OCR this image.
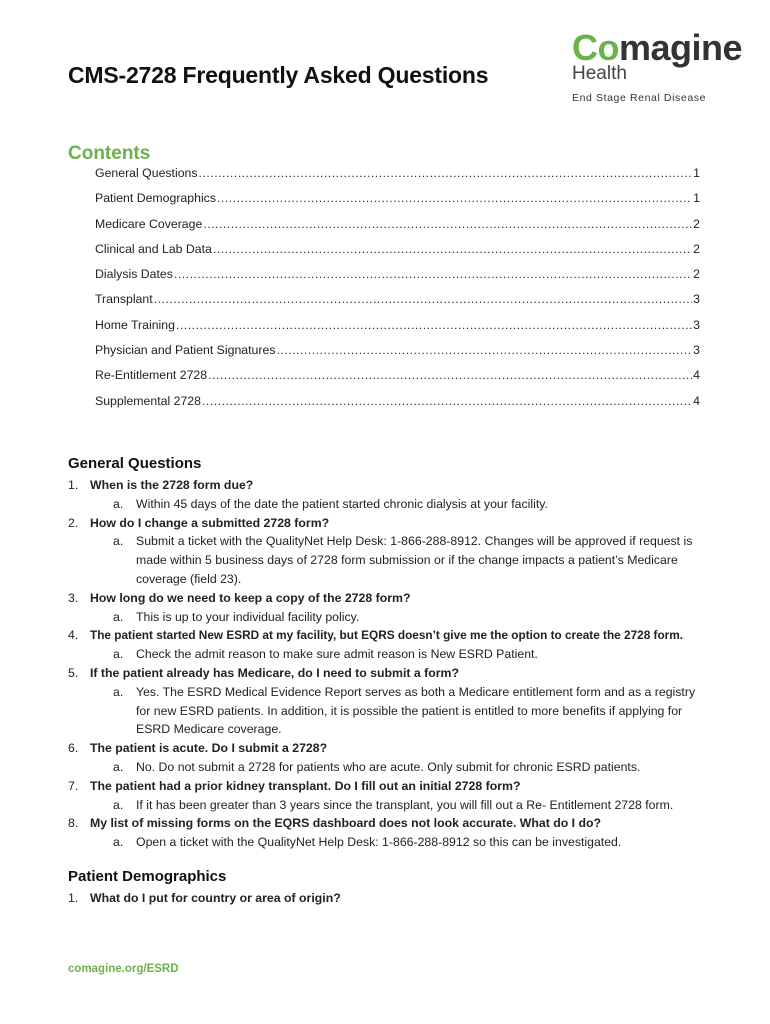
CMS-2728 Frequently Asked Questions
Comagine
Health
End Stage Renal Disease
Contents
General Questions .....	1
Patient Demographics .....	1
Medicare Coverage .....	2
Clinical and Lab Data .....	2
Dialysis Dates .....	2
Transplant .....	3
Home Training .....	3
Physician and Patient Signatures .....	3
Re-Entitlement 2728 .....	4
Supplemental 2728 .....	4
General Questions
1. When is the 2728 form due?
a.	Within 45 days of the date the patient started chronic dialysis at your facility.
2. How do I change a submitted 2728 form?
a.	Submit a ticket with the QualityNet Help Desk: 1-866-288-8912. Changes will be approved if request is made within 5 business days of 2728 form submission or if the change impacts a patient’s Medicare coverage (field 23).
3. How long do we need to keep a copy of the 2728 form?
a.	This is up to your individual facility policy.
4. The patient started New ESRD at my facility, but EQRS doesn’t give me the option to create the 2728 form.
a.	Check the admit reason to make sure admit reason is New ESRD Patient.
5. If the patient already has Medicare, do I need to submit a form?
a.	Yes. The ESRD Medical Evidence Report serves as both a Medicare entitlement form and as a registry for new ESRD patients. In addition, it is possible the patient is entitled to more benefits if applying for ESRD Medicare coverage.
6. The patient is acute. Do I submit a 2728?
a.	No. Do not submit a 2728 for patients who are acute. Only submit for chronic ESRD patients.
7. The patient had a prior kidney transplant. Do I fill out an initial 2728 form?
a.	If it has been greater than 3 years since the transplant, you will fill out a Re- Entitlement 2728 form.
8. My list of missing forms on the EQRS dashboard does not look accurate. What do I do?
a.	Open a ticket with the QualityNet Help Desk: 1-866-288-8912 so this can be investigated.
Patient Demographics
1. What do I put for country or area of origin?
comagine.org/ESRD
